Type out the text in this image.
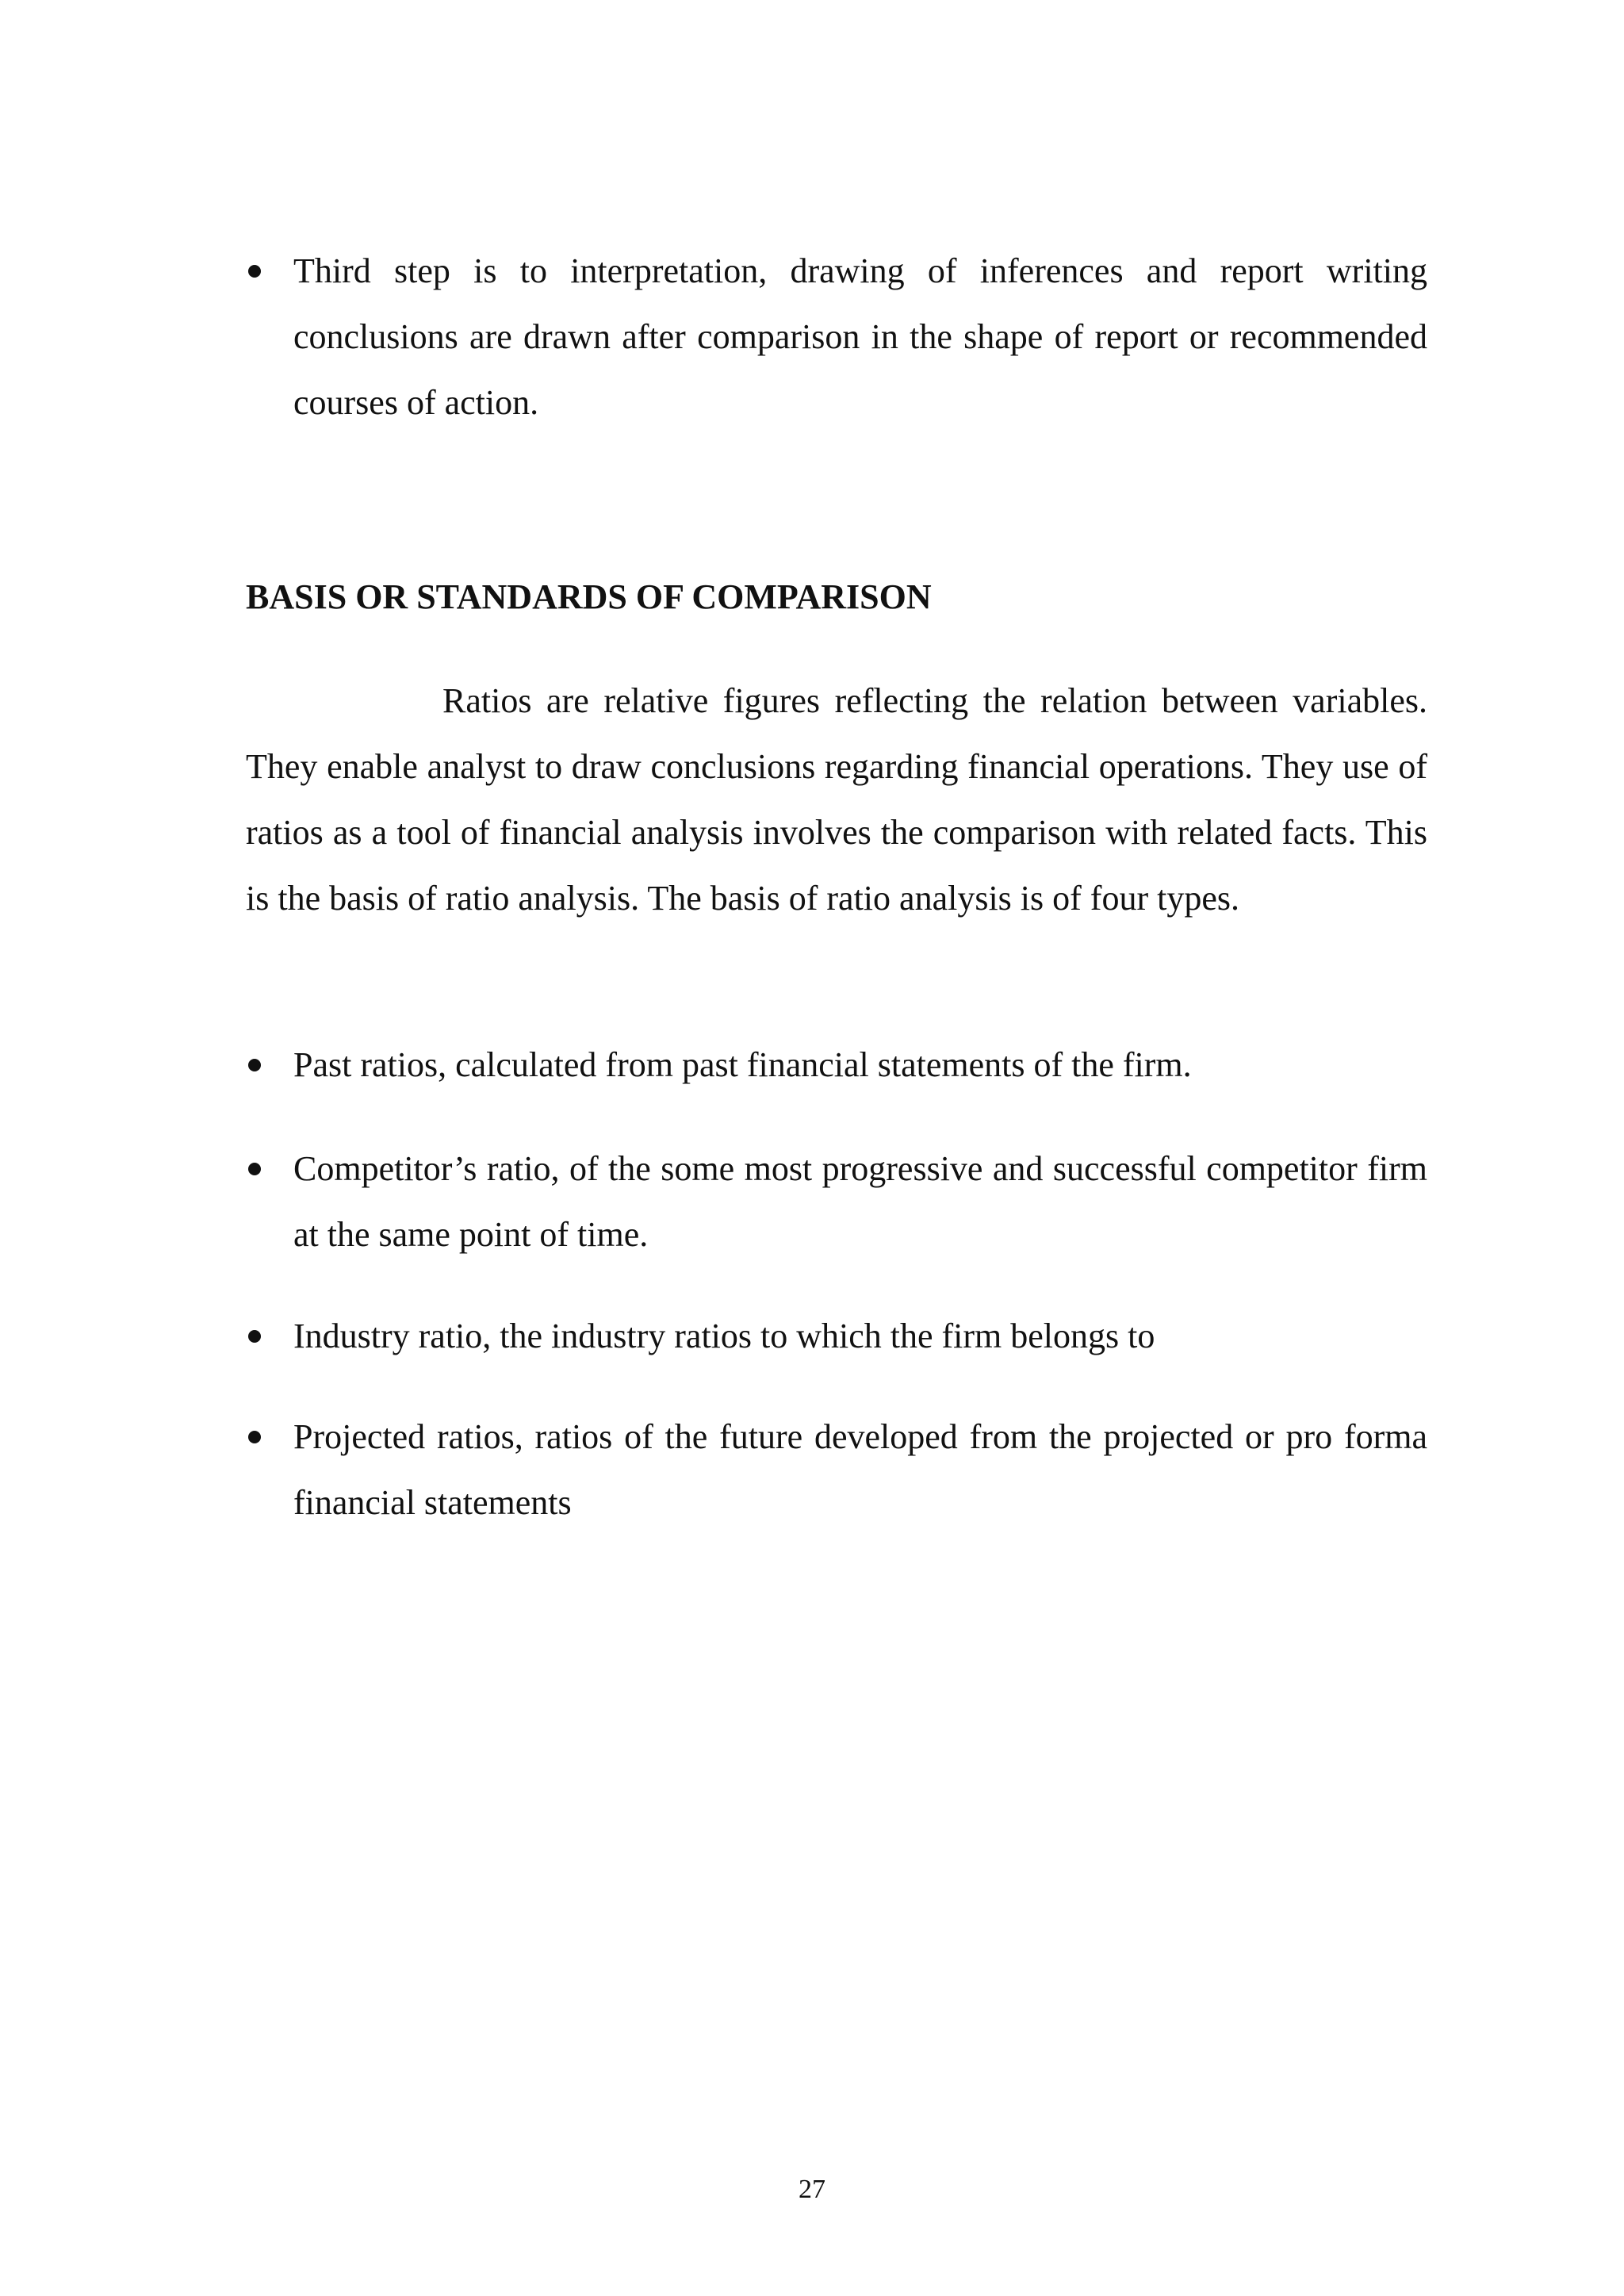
Third step is to interpretation, drawing of inferences and report writing conclusions are drawn after comparison in the shape of report or recommended courses of action.

BASIS OR STANDARDS OF COMPARISON

Ratios are relative figures reflecting the relation between variables. They enable analyst to draw conclusions regarding financial operations. They use of ratios as a tool of financial analysis involves the comparison with related facts. This is the basis of ratio analysis. The basis of ratio analysis is of four types.

Past ratios, calculated from past financial statements of the firm.

Competitor’s ratio, of the some most progressive and successful competitor firm at the same point of time.

Industry ratio, the industry ratios to which the firm belongs to

Projected ratios, ratios of the future developed from the projected or pro forma financial statements

27
